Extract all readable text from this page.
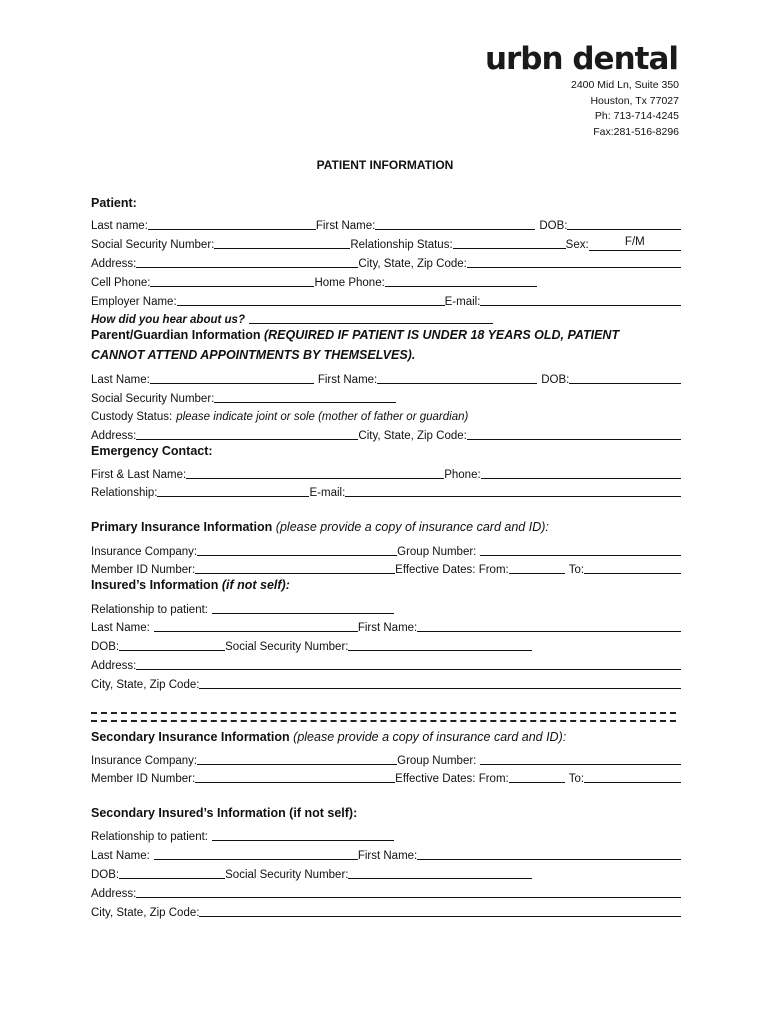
urbn dental
2400 Mid Ln, Suite 350
Houston, Tx 77027
Ph: 713-714-4245
Fax:281-516-8296
PATIENT INFORMATION
Patient:
Last name:	First Name:	DOB:
Social Security Number:	Relationship Status:	Sex:	F/M
Address:	City, State, Zip Code:
Cell Phone:	Home Phone:
Employer Name:	E-mail:
How did you hear about us?
Parent/Guardian Information (REQUIRED IF PATIENT IS UNDER 18 YEARS OLD, PATIENT
CANNOT ATTEND APPOINTMENTS BY THEMSELVES).
Last Name:	First Name:	DOB:
Social Security Number:
Custody Status: please indicate joint or sole (mother of father or guardian)
Address:	City, State, Zip Code:
Emergency Contact:
First & Last Name:	Phone:
Relationship:	E-mail:
Primary Insurance Information (please provide a copy of insurance card and ID):
Insurance Company:	Group Number:
Member ID Number:	Effective Dates: From:	To:
Insured’s Information (if not self):
Relationship to patient:
Last Name:	First Name:
DOB:	Social Security Number:
Address:
City, State, Zip Code:
Secondary Insurance Information (please provide a copy of insurance card and ID):
Insurance Company:	Group Number:
Member ID Number:	Effective Dates: From:	To:
Secondary Insured’s Information (if not self):
Relationship to patient:
Last Name:	First Name:
DOB:	Social Security Number:
Address:
City, State, Zip Code:
